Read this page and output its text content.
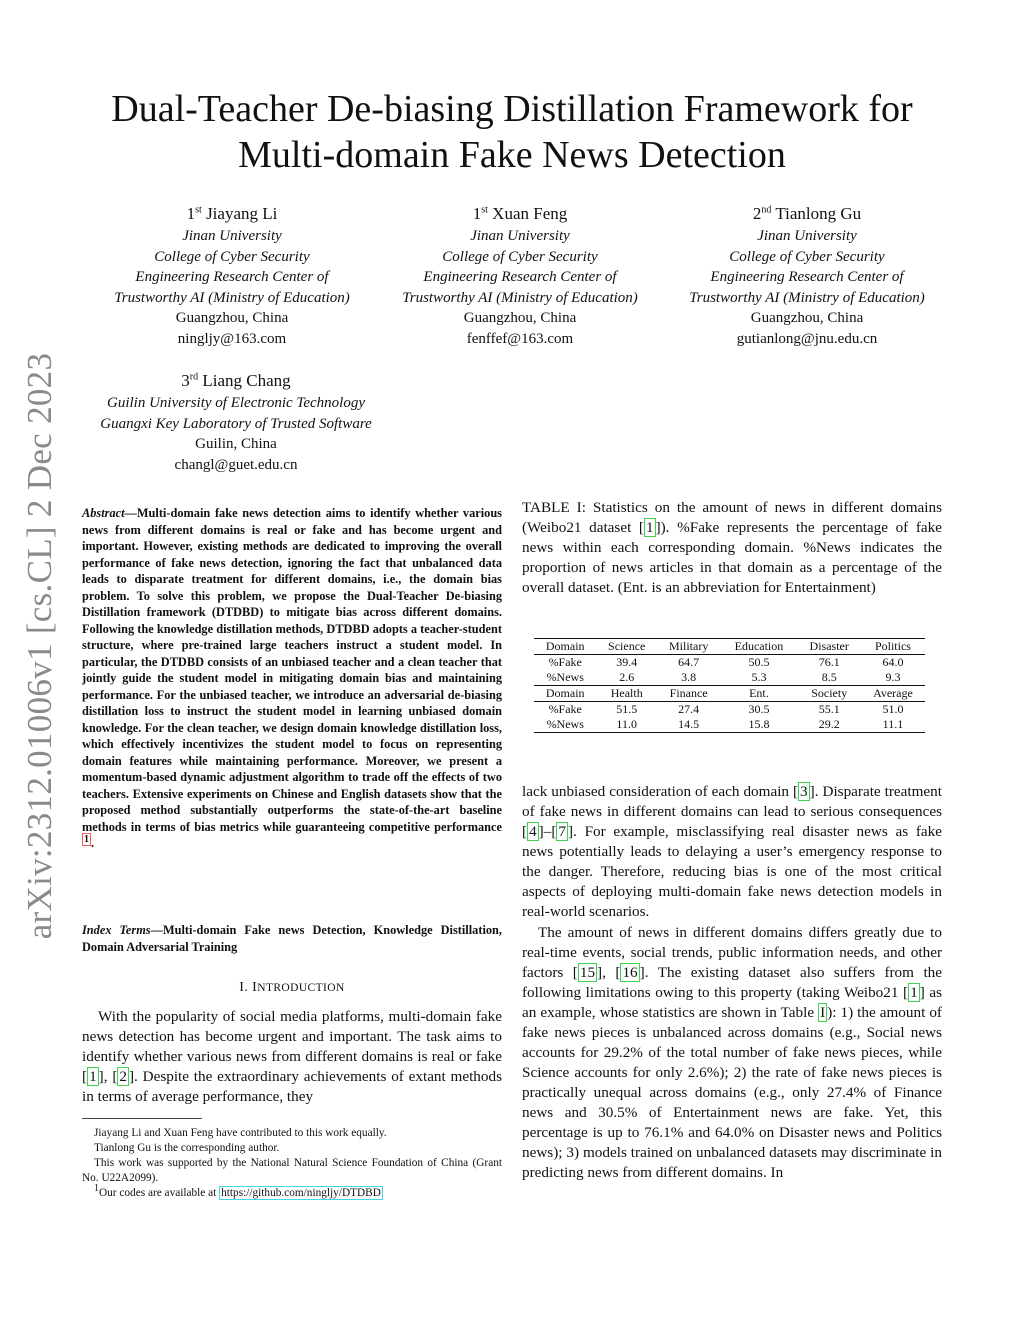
arXiv:2312.01006v1 [cs.CL] 2 Dec 2023
Dual-Teacher De-biasing Distillation Framework for
Multi-domain Fake News Detection
1st Jiayang Li
Jinan University
College of Cyber Security
Engineering Research Center of
Trustworthy AI (Ministry of Education)
Guangzhou, China
ningljy@163.com
1st Xuan Feng
Jinan University
College of Cyber Security
Engineering Research Center of
Trustworthy AI (Ministry of Education)
Guangzhou, China
fenffef@163.com
2nd Tianlong Gu
Jinan University
College of Cyber Security
Engineering Research Center of
Trustworthy AI (Ministry of Education)
Guangzhou, China
gutianlong@jnu.edu.cn
3rd Liang Chang
Guilin University of Electronic Technology
Guangxi Key Laboratory of Trusted Software
Guilin, China
changl@guet.edu.cn
Abstract—Multi-domain fake news detection aims to identify whether various news from different domains is real or fake and has become urgent and important. However, existing methods are dedicated to improving the overall performance of fake news detection, ignoring the fact that unbalanced data leads to disparate treatment for different domains, i.e., the domain bias problem. To solve this problem, we propose the Dual-Teacher De-biasing Distillation framework (DTDBD) to mitigate bias across different domains. Following the knowledge distillation methods, DTDBD adopts a teacher-student structure, where pre-trained large teachers instruct a student model. In particular, the DTDBD consists of an unbiased teacher and a clean teacher that jointly guide the student model in mitigating domain bias and maintaining performance. For the unbiased teacher, we introduce an adversarial de-biasing distillation loss to instruct the student model in learning unbiased domain knowledge. For the clean teacher, we design domain knowledge distillation loss, which effectively incentivizes the student model to focus on representing domain features while maintaining performance. Moreover, we present a momentum-based dynamic adjustment algorithm to trade off the effects of two teachers. Extensive experiments on Chinese and English datasets show that the proposed method substantially outperforms the state-of-the-art baseline methods in terms of bias metrics while guaranteeing competitive performance $^1$ .
Index Terms—Multi-domain Fake news Detection, Knowledge Distillation, Domain Adversarial Training
I. INTRODUCTION
With the popularity of social media platforms, multi-domain fake news detection has become urgent and important. The task aims to identify whether various news from different domains is real or fake [ 1 ], [ 2 ]. Despite the extraordinary achievements of extant methods in terms of average performance, they
Jiayang Li and Xuan Feng have contributed to this work equally.
Tianlong Gu is the corresponding author.
This work was supported by the National Natural Science Foundation of China (Grant No. U22A2099).
$^1$Our codes are available at https://github.com/ningljy/DTDBD
TABLE I: Statistics on the amount of news in different domains (Weibo21 dataset [ 1 ]). %Fake represents the percentage of fake news within each corresponding domain. %News indicates the proportion of news articles in that domain as a percentage of the overall dataset. (Ent. is an abbreviation for Entertainment)
Domain	Science	Military	Education	Disaster	Politics
%Fake	39.4	64.7	50.5	76.1	64.0
%News	2.6	3.8	5.3	8.5	9.3
Domain	Health	Finance	Ent.	Society	Average
%Fake	51.5	27.4	30.5	55.1	51.0
%News	11.0	14.5	15.8	29.2	11.1
lack unbiased consideration of each domain [ 3 ]. Disparate treatment of fake news in different domains can lead to serious consequences [ 4 ]–[ 7 ]. For example, misclassifying real disaster news as fake news potentially leads to delaying a user’s emergency response to the danger. Therefore, reducing bias is one of the most critical aspects of deploying multi-domain fake news detection models in real-world scenarios.
The amount of news in different domains differs greatly due to real-time events, social trends, public information needs, and other factors [ 15 ], [ 16 ]. The existing dataset also suffers from the following limitations owing to this property (taking Weibo21 [ 1 ] as an example, whose statistics are shown in Table I ): 1) the amount of fake news pieces is unbalanced across domains (e.g., Social news accounts for 29.2% of the total number of fake news pieces, while Science accounts for only 2.6%); 2) the rate of fake news pieces is practically unequal across domains (e.g., only 27.4% of Finance news and 30.5% of Entertainment news are fake. Yet, this percentage is up to 76.1% and 64.0% on Disaster news and Politics news); 3) models trained on unbalanced datasets may discriminate in predicting news from different domains. In
